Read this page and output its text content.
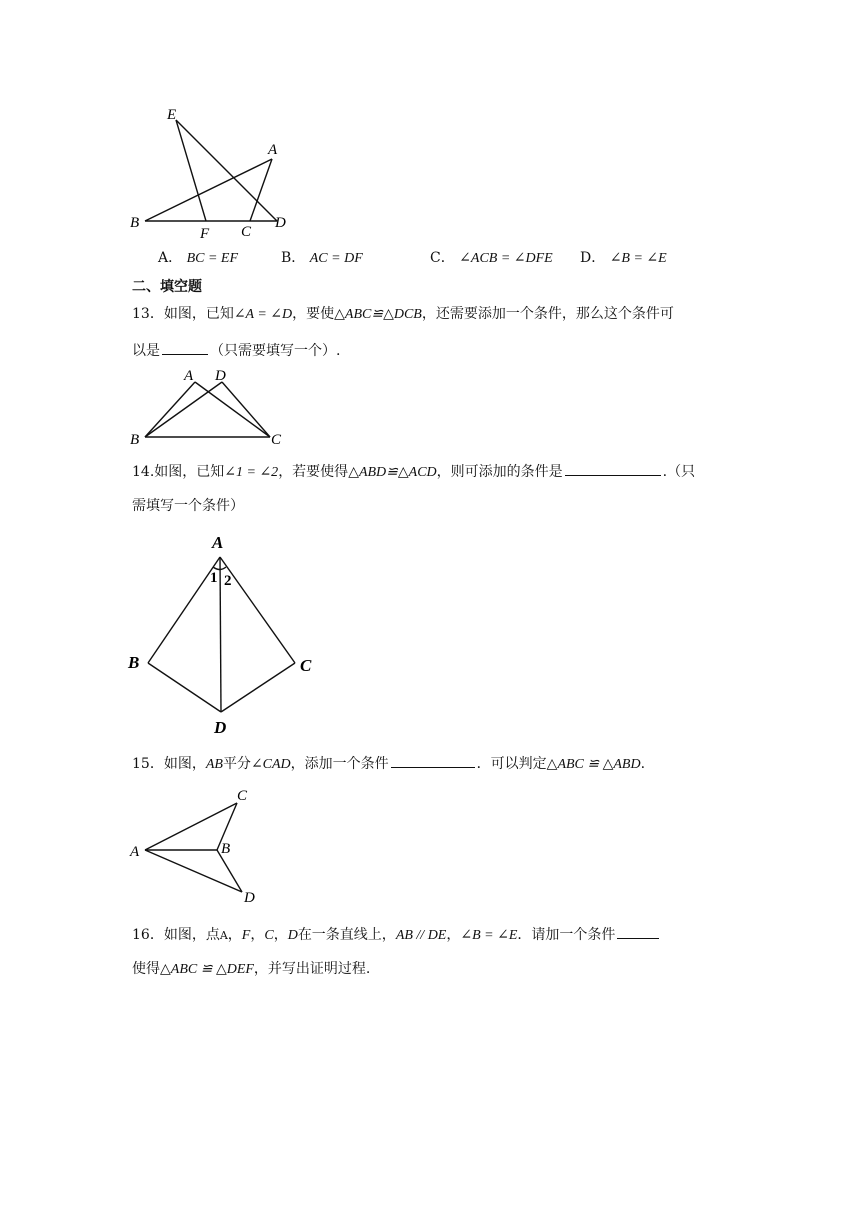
E
A
B
F C
D
A． BC = EF	B． AC = DF	C． ∠ACB = ∠DFE D． ∠B = ∠E
二、填空题
13．如图，已知∠A = ∠D，要使△ABC≌△DCB，还需要添加一个条件，那么这个条件可
以是	（只需要填写一个）.
A D
B	C
14.如图，已知∠1 = ∠2，若要使得△ABD≌△ACD，则可添加的条件是	.（只
需填写一个条件）
A
1 2
B	C
D
15．如图，AB平分∠CAD，添加一个条件	．可以判定△ABC ≌ △ABD.
C
A	B
D
16．如图，点A，F，C，D在一条直线上，AB // DE，∠B = ∠E．请加一个条件
使得△ABC ≌ △DEF，并写出证明过程.
